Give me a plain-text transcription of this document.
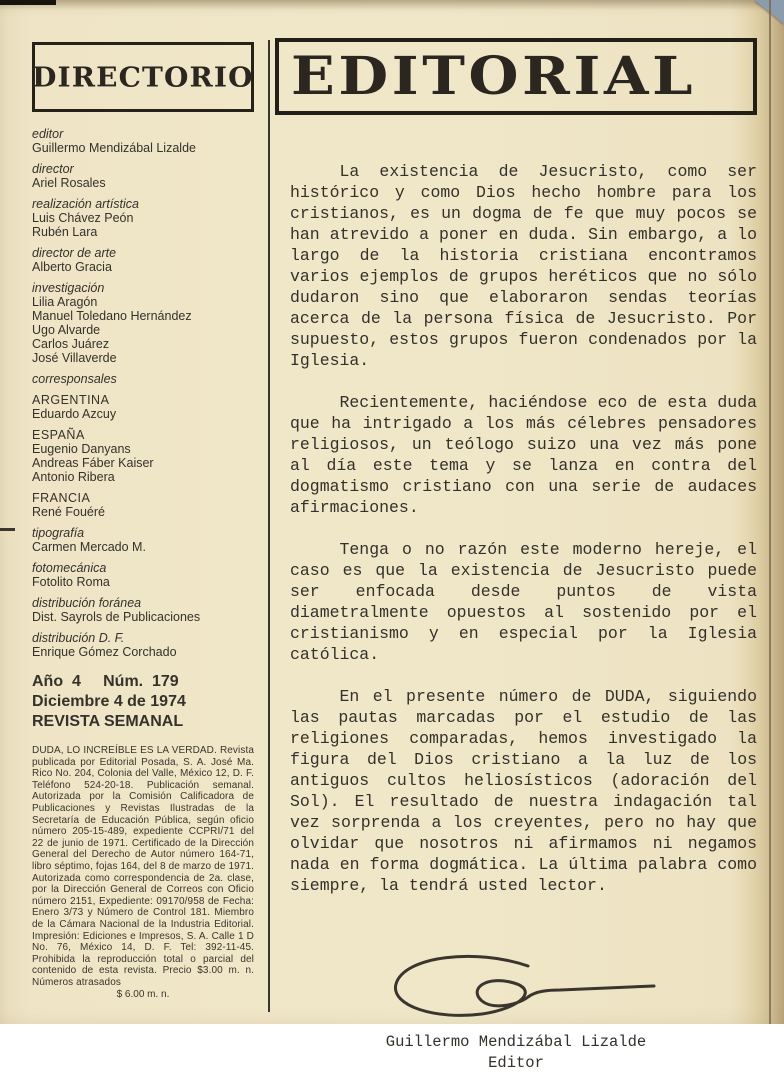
DIRECTORIO
editor
Guillermo Mendizábal Lizalde
director
Ariel Rosales
realización artística
Luis Chávez Peón
Rubén Lara
director de arte
Alberto Gracia
investigación
Lilia Aragón
Manuel Toledano Hernández
Ugo Alvarde
Carlos Juárez
José Villaverde
corresponsales
ARGENTINA
Eduardo Azcuy
ESPAÑA
Eugenio Danyans
Andreas Fáber Kaiser
Antonio Ribera
FRANCIA
René Fouéré
tipografía
Carmen Mercado M.
fotomecánica
Fotolito Roma
distribución foránea
Dist. Sayrols de Publicaciones
distribución D. F.
Enrique Gómez Corchado
Año  4     Núm.  179
Diciembre 4 de 1974
REVISTA SEMANAL
DUDA, LO INCREÍBLE ES LA VERDAD. Revista publicada por Editorial Posada, S. A. José Ma. Rico No. 204, Colonia del Valle, México 12, D. F. Teléfono 524-20-18. Publicación semanal. Autorizada por la Comisión Calificadora de Publicaciones y Revistas Ilustradas de la Secretaría de Educación Pública, según oficio número 205-15-489, expediente CCPRI/71 del 22 de junio de 1971. Certificado de la Dirección General del Derecho de Autor número 164-71, libro séptimo, fojas 164, del 8 de marzo de 1971. Autorizada como correspondencia de 2a. clase, por la Dirección General de Correos con Oficio número 2151, Expediente: 09170/958 de Fecha: Enero 3/73 y Número de Control 181. Miembro de la Cámara Nacional de la Industria Editorial. Impresión: Ediciones e Impresos, S. A. Calle 1 D No. 76, México 14, D. F. Tel: 392-11-45. Prohibida la reproducción total o parcial del contenido de esta revista. Precio $3.00 m. n. Números atrasados
$ 6.00 m. n.
EDITORIAL

La existencia de Jesucristo, como ser histórico y como Dios hecho hombre para los cristianos, es un dogma de fe que muy pocos se han atrevido a poner en duda. Sin embargo, a lo largo de la historia cristiana encontramos varios ejemplos de grupos heréticos que no sólo dudaron sino que elaboraron sendas teorías acerca de la persona física de Jesucristo. Por supuesto, estos grupos fueron condenados por la Iglesia.

Recientemente, haciéndose eco de esta duda que ha intrigado a los más célebres pensadores religiosos, un teólogo suizo una vez más pone al día este tema y se lanza en contra del dogmatismo cristiano con una serie de audaces afirmaciones.

Tenga o no razón este moderno hereje, el caso es que la existencia de Jesucristo puede ser enfocada desde puntos de vista diametralmente opuestos al sostenido por el cristianismo y en especial por la Iglesia católica.

En el presente número de DUDA, siguiendo las pautas marcadas por el estudio de las religiones comparadas, hemos investigado la figura del Dios cristiano a la luz de los antiguos cultos heliosísticos (adoración del Sol). El resultado de nuestra indagación tal vez sorprenda a los creyentes, pero no hay que olvidar que nosotros ni afirmamos ni negamos nada en forma dogmática. La última palabra como siempre, la tendrá usted lector.

Guillermo Mendizábal Lizalde
Editor
